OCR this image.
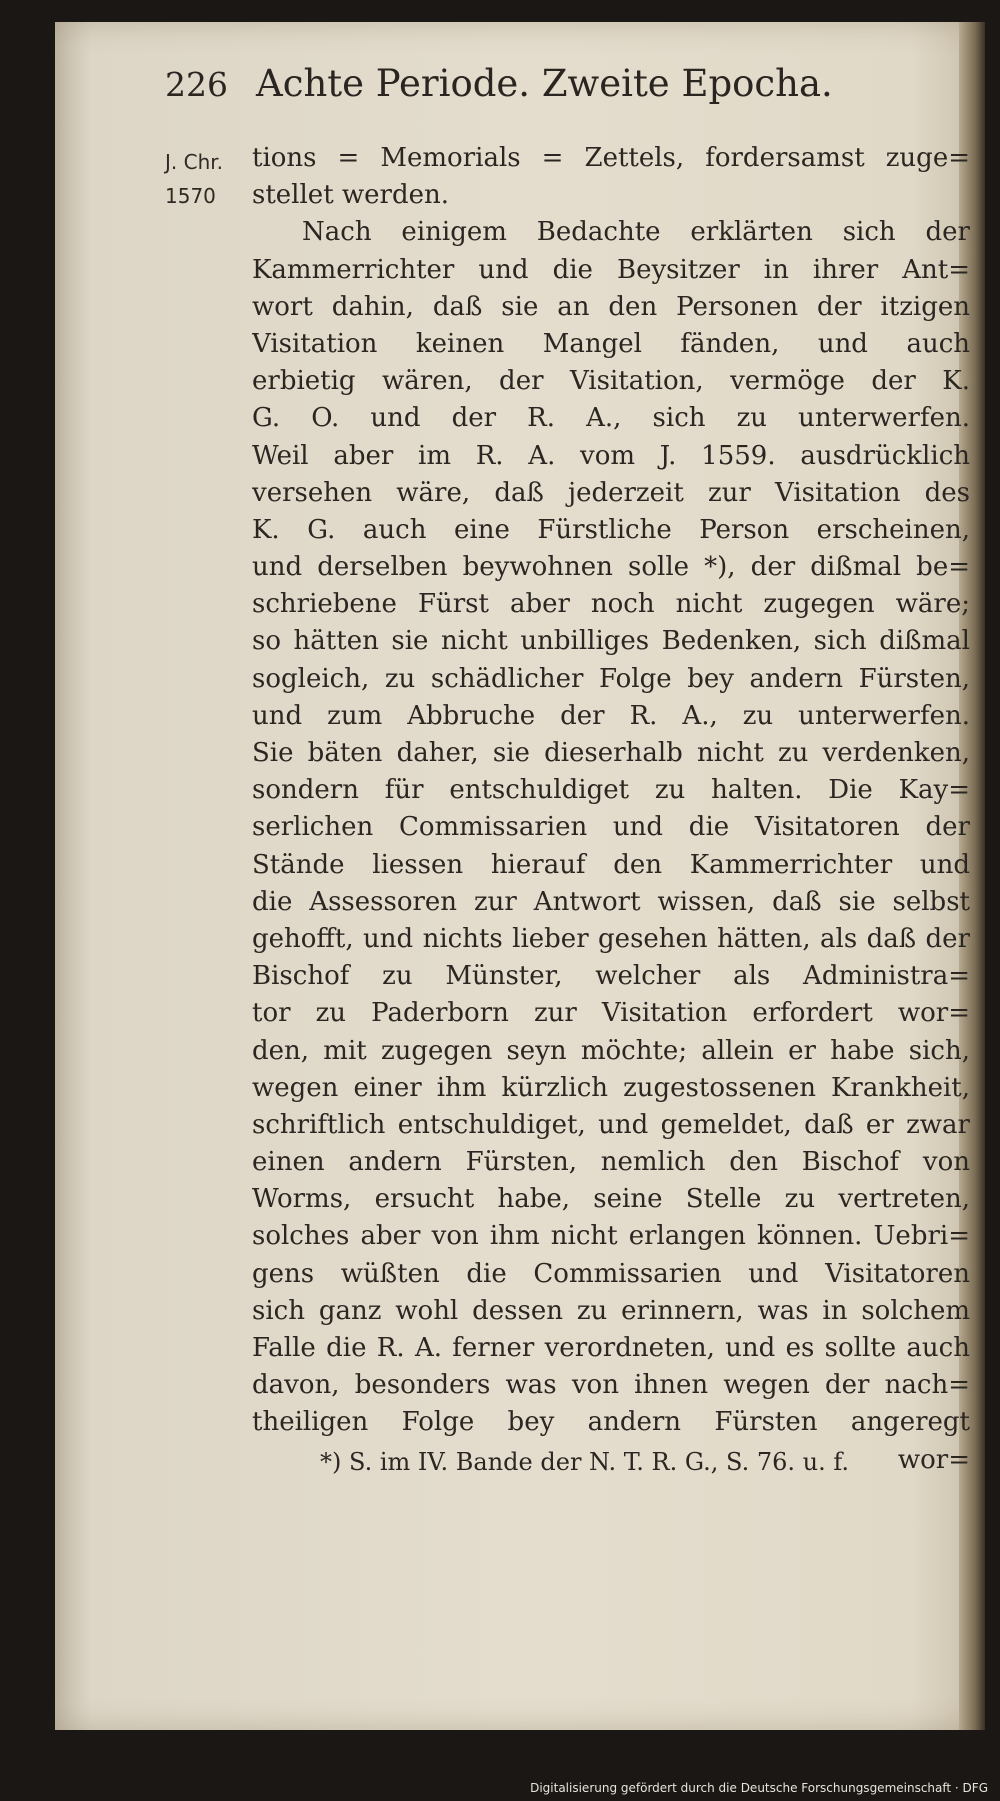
226 Achte Periode. Zweite Epocha.
J. Chr.
1570
tions = Memorials = Zettels, fordersamst zuge=
stellet werden.
Nach einigem Bedachte erklärten sich der
Kammerrichter und die Beysitzer in ihrer Ant=
wort dahin, daß sie an den Personen der itzigen
Visitation keinen Mangel fänden, und auch
erbietig wären, der Visitation, vermöge der K.
G. O. und der R. A., sich zu unterwerfen.
Weil aber im R. A. vom J. 1559. ausdrücklich
versehen wäre, daß jederzeit zur Visitation des
K. G. auch eine Fürstliche Person erscheinen,
und derselben beywohnen solle *), der dißmal be=
schriebene Fürst aber noch nicht zugegen wäre;
so hätten sie nicht unbilliges Bedenken, sich dißmal
sogleich, zu schädlicher Folge bey andern Fürsten,
und zum Abbruche der R. A., zu unterwerfen.
Sie bäten daher, sie dieserhalb nicht zu verdenken,
sondern für entschuldiget zu halten. Die Kay=
serlichen Commissarien und die Visitatoren der
Stände liessen hierauf den Kammerrichter und
die Assessoren zur Antwort wissen, daß sie selbst
gehofft, und nichts lieber gesehen hätten, als daß der
Bischof zu Münster, welcher als Administra=
tor zu Paderborn zur Visitation erfordert wor=
den, mit zugegen seyn möchte; allein er habe sich,
wegen einer ihm kürzlich zugestossenen Krankheit,
schriftlich entschuldiget, und gemeldet, daß er zwar
einen andern Fürsten, nemlich den Bischof von
Worms, ersucht habe, seine Stelle zu vertreten,
solches aber von ihm nicht erlangen können. Uebri=
gens wüßten die Commissarien und Visitatoren
sich ganz wohl dessen zu erinnern, was in solchem
Falle die R. A. ferner verordneten, und es sollte auch
davon, besonders was von ihnen wegen der nach=
theiligen Folge bey andern Fürsten angeregt
wor=
*) S. im IV. Bande der N. T. R. G., S. 76. u. f.
Digitalisierung gefördert durch die Deutsche Forschungsgemeinschaft · DFG
